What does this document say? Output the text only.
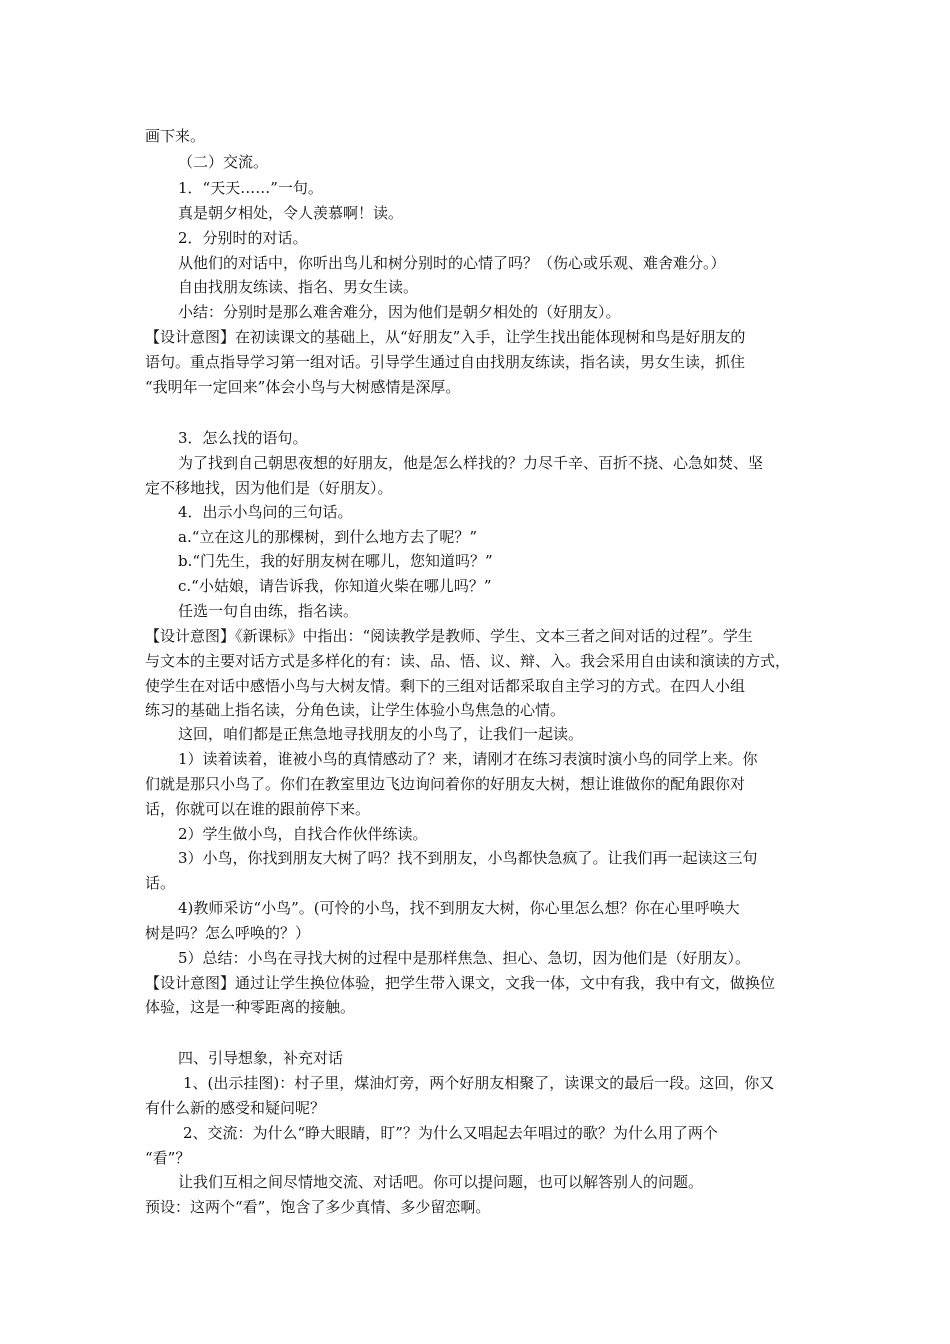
画下来。
（二）交流。
1．“天天……”一句。
真是朝夕相处，令人羡慕啊！读。
2．分别时的对话。
从他们的对话中，你听出鸟儿和树分别时的心情了吗？（伤心或乐观、难舍难分。）
自由找朋友练读、指名、男女生读。
小结：分别时是那么难舍难分，因为他们是朝夕相处的（好朋友）。
【设计意图】在初读课文的基础上，从“好朋友”入手，让学生找出能体现树和鸟是好朋友的
语句。重点指导学习第一组对话。引导学生通过自由找朋友练读，指名读，男女生读，抓住
“我明年一定回来”体会小鸟与大树感情是深厚。
3．怎么找的语句。
为了找到自己朝思夜想的好朋友，他是怎么样找的？力尽千辛、百折不挠、心急如焚、坚
定不移地找，因为他们是（好朋友）。
4．出示小鸟问的三句话。
a.“立在这儿的那棵树，到什么地方去了呢？”
b.“门先生，我的好朋友树在哪儿，您知道吗？”
c.“小姑娘，请告诉我，你知道火柴在哪儿吗？”
任选一句自由练，指名读。
【设计意图】《新课标》中指出：“阅读教学是教师、学生、文本三者之间对话的过程”。学生
与文本的主要对话方式是多样化的有：读、品、悟、议、辩、入。我会采用自由读和演读的方式，
使学生在对话中感悟小鸟与大树友情。剩下的三组对话都采取自主学习的方式。在四人小组
练习的基础上指名读，分角色读，让学生体验小鸟焦急的心情。
这回，咱们都是正焦急地寻找朋友的小鸟了，让我们一起读。
1）读着读着，谁被小鸟的真情感动了？来，请刚才在练习表演时演小鸟的同学上来。你
们就是那只小鸟了。你们在教室里边飞边询问着你的好朋友大树，想让谁做你的配角跟你对
话，你就可以在谁的跟前停下来。
2）学生做小鸟，自找合作伙伴练读。
3）小鸟，你找到朋友大树了吗？找不到朋友，小鸟都快急疯了。让我们再一起读这三句
话。
4)教师采访“小鸟”。(可怜的小鸟，找不到朋友大树，你心里怎么想？你在心里呼唤大
树是吗？怎么呼唤的？）
5）总结：小鸟在寻找大树的过程中是那样焦急、担心、急切，因为他们是（好朋友）。
【设计意图】通过让学生换位体验，把学生带入课文，文我一体，文中有我，我中有文，做换位
体验，这是一种零距离的接触。
四、引导想象，补充对话
1、(出示挂图)：村子里，煤油灯旁，两个好朋友相聚了，读课文的最后一段。这回，你又
有什么新的感受和疑问呢？
2、交流：为什么“睁大眼睛，盯”？为什么又唱起去年唱过的歌？为什么用了两个
“看”？
让我们互相之间尽情地交流、对话吧。你可以提问题，也可以解答别人的问题。
预设：这两个“看”，饱含了多少真情、多少留恋啊。
